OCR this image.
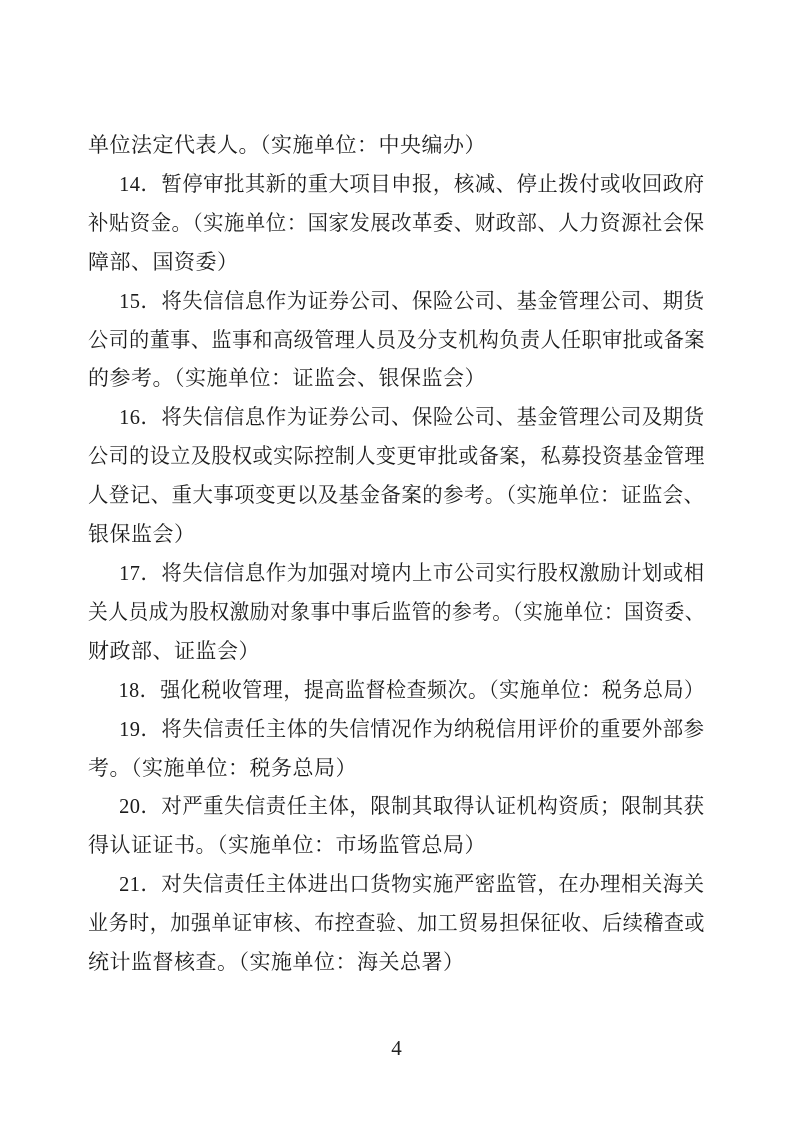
单位法定代表人。（实施单位：中央编办）
14．暂停审批其新的重大项目申报，核减、停止拨付或收回政府
补贴资金。（实施单位：国家发展改革委、财政部、人力资源社会保
障部、国资委）
15．将失信信息作为证券公司、保险公司、基金管理公司、期货
公司的董事、监事和高级管理人员及分支机构负责人任职审批或备案
的参考。（实施单位：证监会、银保监会）
16．将失信信息作为证券公司、保险公司、基金管理公司及期货
公司的设立及股权或实际控制人变更审批或备案，私募投资基金管理
人登记、重大事项变更以及基金备案的参考。（实施单位：证监会、
银保监会）
17．将失信信息作为加强对境内上市公司实行股权激励计划或相
关人员成为股权激励对象事中事后监管的参考。（实施单位：国资委、
财政部、证监会）
18．强化税收管理，提高监督检查频次。（实施单位：税务总局）
19．将失信责任主体的失信情况作为纳税信用评价的重要外部参
考。（实施单位：税务总局）
20．对严重失信责任主体，限制其取得认证机构资质；限制其获
得认证证书。（实施单位：市场监管总局）
21．对失信责任主体进出口货物实施严密监管，在办理相关海关
业务时，加强单证审核、布控查验、加工贸易担保征收、后续稽查或
统计监督核查。（实施单位：海关总署）
4
